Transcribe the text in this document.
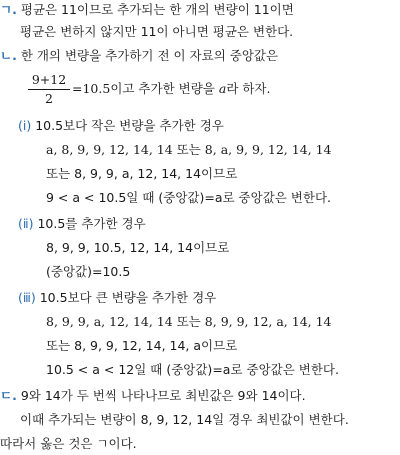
ㄱ. 평균은 11이므로 추가되는 한 개의 변량이 11이면
평균은 변하지 않지만 11이 아니면 평균은 변한다.
ㄴ. 한 개의 변량을 추가하기 전 이 자료의 중앙값은
9+12
2
=10.5이고 추가한 변량을 a라 하자.
(ⅰ) 10.5보다 작은 변량을 추가한 경우
a, 8, 9, 9, 12, 14, 14 또는 8, a, 9, 9, 12, 14, 14
또는 8, 9, 9, a, 12, 14, 14이므로
9 < a < 10.5일 때 (중앙값)=a로 중앙값은 변한다.
(ⅱ) 10.5를 추가한 경우
8, 9, 9, 10.5, 12, 14, 14이므로
(중앙값)=10.5
(ⅲ) 10.5보다 큰 변량을 추가한 경우
8, 9, 9, a, 12, 14, 14 또는 8, 9, 9, 12, a, 14, 14
또는 8, 9, 9, 12, 14, 14, a이므로
10.5 < a < 12일 때 (중앙값)=a로 중앙값은 변한다.
ㄷ. 9와 14가 두 번씩 나타나므로 최빈값은 9와 14이다.
이때 추가되는 변량이 8, 9, 12, 14일 경우 최빈값이 변한다.
따라서 옳은 것은 ㄱ이다.
